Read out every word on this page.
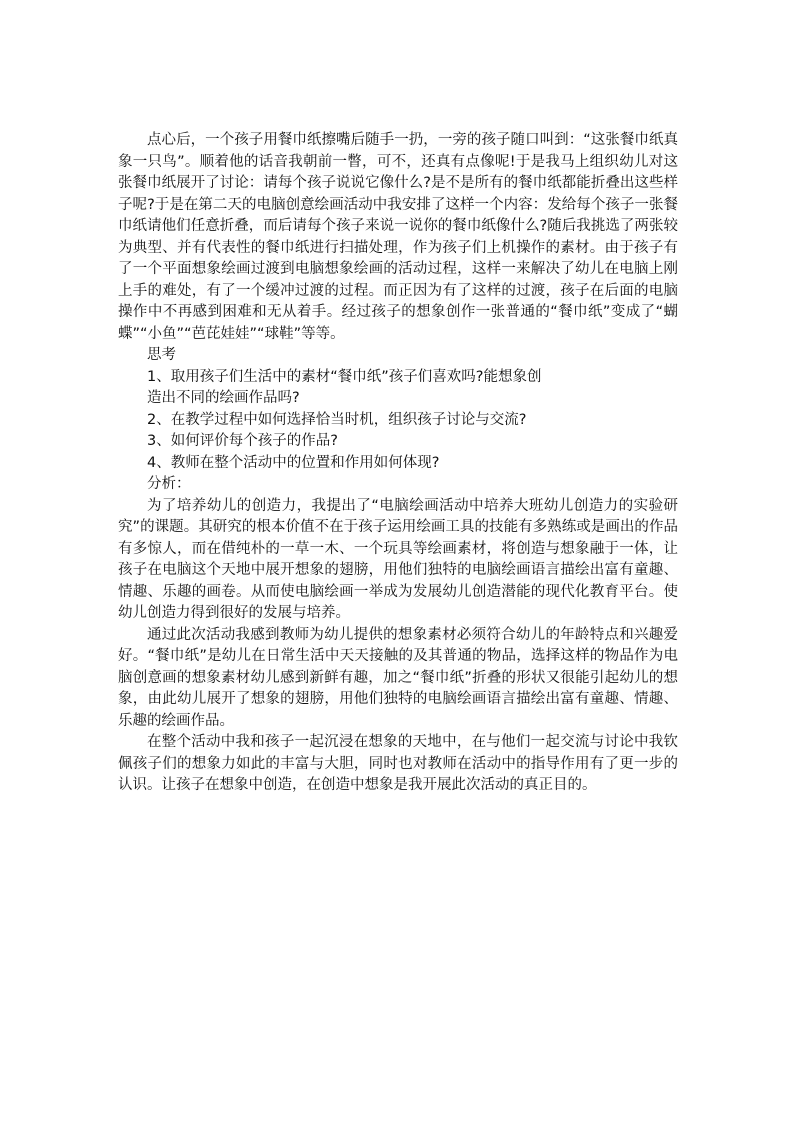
点心后，一个孩子用餐巾纸擦嘴后随手一扔，一旁的孩子随口叫到：“这张餐巾纸真象一只鸟”。顺着他的话音我朝前一瞥，可不，还真有点像呢!于是我马上组织幼儿对这张餐巾纸展开了讨论：请每个孩子说说它像什么?是不是所有的餐巾纸都能折叠出这些样子呢?于是在第二天的电脑创意绘画活动中我安排了这样一个内容：发给每个孩子一张餐巾纸请他们任意折叠，而后请每个孩子来说一说你的餐巾纸像什么?随后我挑选了两张较为典型、并有代表性的餐巾纸进行扫描处理，作为孩子们上机操作的素材。由于孩子有了一个平面想象绘画过渡到电脑想象绘画的活动过程，这样一来解决了幼儿在电脑上刚上手的难处，有了一个缓冲过渡的过程。而正因为有了这样的过渡，孩子在后面的电脑操作中不再感到困难和无从着手。经过孩子的想象创作一张普通的“餐巾纸”变成了“蝴蝶”“小鱼”“芭芘娃娃”“球鞋”等等。

思考

1、取用孩子们生活中的素材“餐巾纸”孩子们喜欢吗?能想象创

造出不同的绘画作品吗?

2、在教学过程中如何选择恰当时机，组织孩子讨论与交流?

3、如何评价每个孩子的作品?

4、教师在整个活动中的位置和作用如何体现?

分析：

为了培养幼儿的创造力，我提出了“电脑绘画活动中培养大班幼儿创造力的实验研究”的课题。其研究的根本价值不在于孩子运用绘画工具的技能有多熟练或是画出的作品有多惊人，而在借纯朴的一草一木、一个玩具等绘画素材，将创造与想象融于一体，让孩子在电脑这个天地中展开想象的翅膀，用他们独特的电脑绘画语言描绘出富有童趣、情趣、乐趣的画卷。从而使电脑绘画一举成为发展幼儿创造潜能的现代化教育平台。使幼儿创造力得到很好的发展与培养。

通过此次活动我感到教师为幼儿提供的想象素材必须符合幼儿的年龄特点和兴趣爱好。“餐巾纸”是幼儿在日常生活中天天接触的及其普通的物品，选择这样的物品作为电脑创意画的想象素材幼儿感到新鲜有趣，加之“餐巾纸”折叠的形状又很能引起幼儿的想象，由此幼儿展开了想象的翅膀，用他们独特的电脑绘画语言描绘出富有童趣、情趣、乐趣的绘画作品。

在整个活动中我和孩子一起沉浸在想象的天地中，在与他们一起交流与讨论中我钦佩孩子们的想象力如此的丰富与大胆，同时也对教师在活动中的指导作用有了更一步的认识。让孩子在想象中创造，在创造中想象是我开展此次活动的真正目的。
